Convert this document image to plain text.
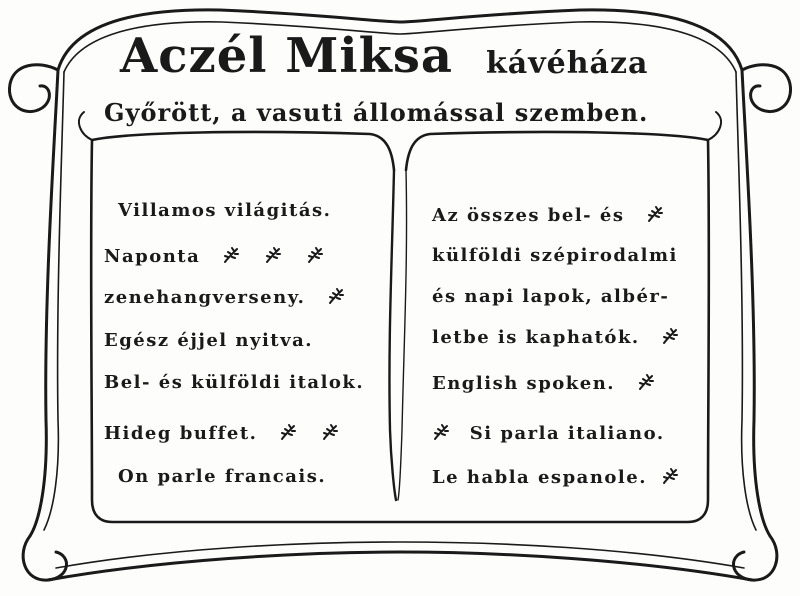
Aczél Miksa kávéháza
Győrött, a vasuti állomással szemben.
Villamos világitás.
Naponta

zenehangverseny.
Egész éjjel nyitva.
Bel- és külföldi italok.
Hideg buffet.

On parle francais.
Az összes bel- és
külföldi szépirodalmi
és napi lapok, albér-
letbe is kaphatók.
English spoken.
Si parla italiano.
Le habla espanole.
